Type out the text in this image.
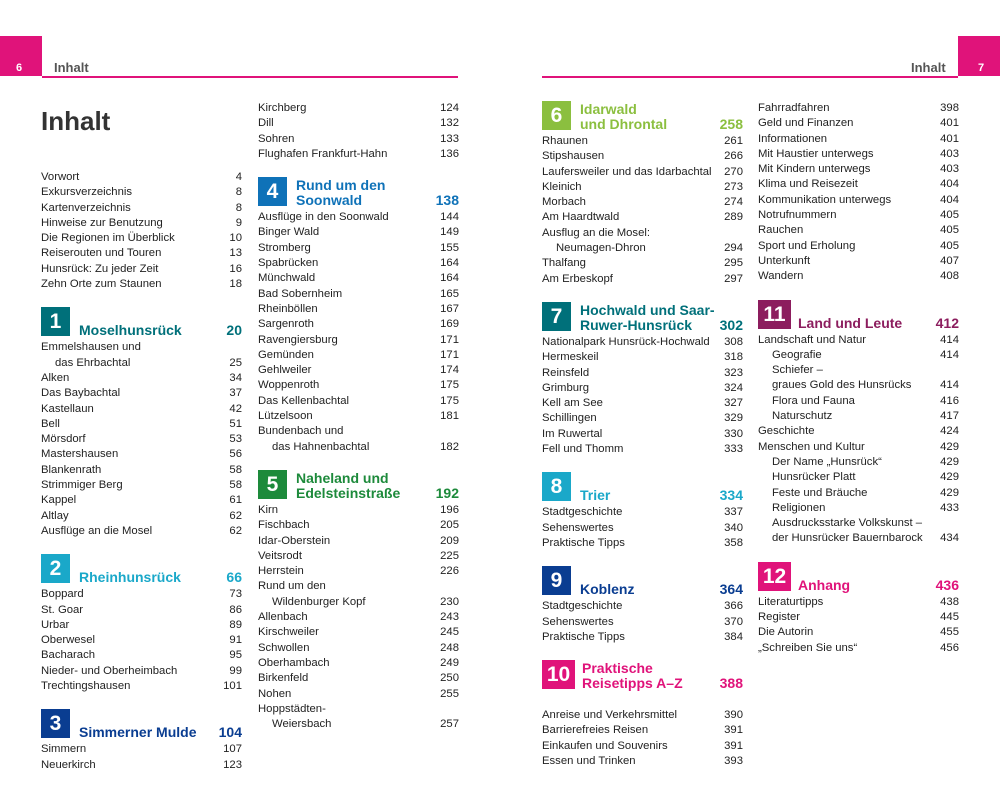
6 Inhalt	Inhalt	7
Inhalt
Vorwort	4
Exkursverzeichnis	8
Kartenverzeichnis	8
Hinweise zur Benutzung	9
Die Regionen im Überblick	10
Reiserouten und Touren	13
Hunsrück: Zu jeder Zeit	16
Zehn Orte zum Staunen	18
1	Moselhunsrück	20
Emmelshausen und
das Ehrbachtal	25
Alken	34
Das Baybachtal	37
Kastellaun	42
Bell	51
Mörsdorf	53
Mastershausen	56
Blankenrath	58
Strimmiger Berg	58
Kappel	61
Altlay	62
Ausflüge an die Mosel	62
2	Rheinhunsrück	66
Boppard	73
St. Goar	86
Urbar	89
Oberwesel	91
Bacharach	95
Nieder- und Oberheimbach	99
Trechtingshausen	101
3	Simmerner Mulde 104
Simmern	107
Neuerkirch	123
Kirchberg	124
Dill	132
Sohren	133
Flughafen Frankfurt-Hahn	136
4	Rund um den
Soonwald	138
Ausflüge in den Soonwald	144
Binger Wald	149
Stromberg	155
Spabrücken	164
Münchwald	164
Bad Sobernheim	165
Rheinböllen	167
Sargenroth	169
Ravengiersburg	171
Gemünden	171
Gehlweiler	174
Woppenroth	175
Das Kellenbachtal	175
Lützelsoon	181
Bundenbach und
das Hahnenbachtal	182
5	Naheland und
Edelsteinstraße	192
Kirn	196
Fischbach	205
Idar-Oberstein	209
Veitsrodt	225
Herrstein	226
Rund um den
Wildenburger Kopf	230
Allenbach	243
Kirschweiler	245
Schwollen	248
Oberhambach	249
Birkenfeld	250
Nohen	255
Hoppstädten-
Weiersbach	257
6	Idarwald
und Dhrontal	258
Rhaunen	261
Stipshausen	266
Laufersweiler und das Idarbachtal 270
Kleinich	273
Morbach	274
Am Haardtwald	289
Ausflug an die Mosel:
Neumagen-Dhron	294
Thalfang	295
Am Erbeskopf	297
7	Hochwald und Saar-
Ruwer-Hunsrück	302
Nationalpark Hunsrück-Hochwald 308
Hermeskeil	318
Reinsfeld	323
Grimburg	324
Kell am See	327
Schillingen	329
Im Ruwertal	330
Fell und Thomm	333
8	Trier	334
Stadtgeschichte	337
Sehenswertes	340
Praktische Tipps	358
9	Koblenz	364
Stadtgeschichte	366
Sehenswertes	370
Praktische Tipps	384
10 Praktische
Reisetipps A–Z	388
Anreise und Verkehrsmittel	390
Barrierefreies Reisen	391
Einkaufen und Souvenirs	391
Essen und Trinken	393
Fahrradfahren	398
Geld und Finanzen	401
Informationen	401
Mit Haustier unterwegs	403
Mit Kindern unterwegs	403
Klima und Reisezeit	404
Kommunikation unterwegs	404
Notrufnummern	405
Rauchen	405
Sport und Erholung	405
Unterkunft	407
Wandern	408
11 Land und Leute 412
Landschaft und Natur	414
Geografie	414
Schiefer –
graues Gold des Hunsrücks	414
Flora und Fauna	416
Naturschutz	417
Geschichte	424
Menschen und Kultur	429
Der Name „Hunsrück“	429
Hunsrücker Platt	429
Feste und Bräuche	429
Religionen	433
Ausdrucksstarke Volkskunst –
der Hunsrücker Bauernbarock 434
12 Anhang	436
Literaturtipps	438
Register	445
Die Autorin	455
„Schreiben Sie uns“	456
